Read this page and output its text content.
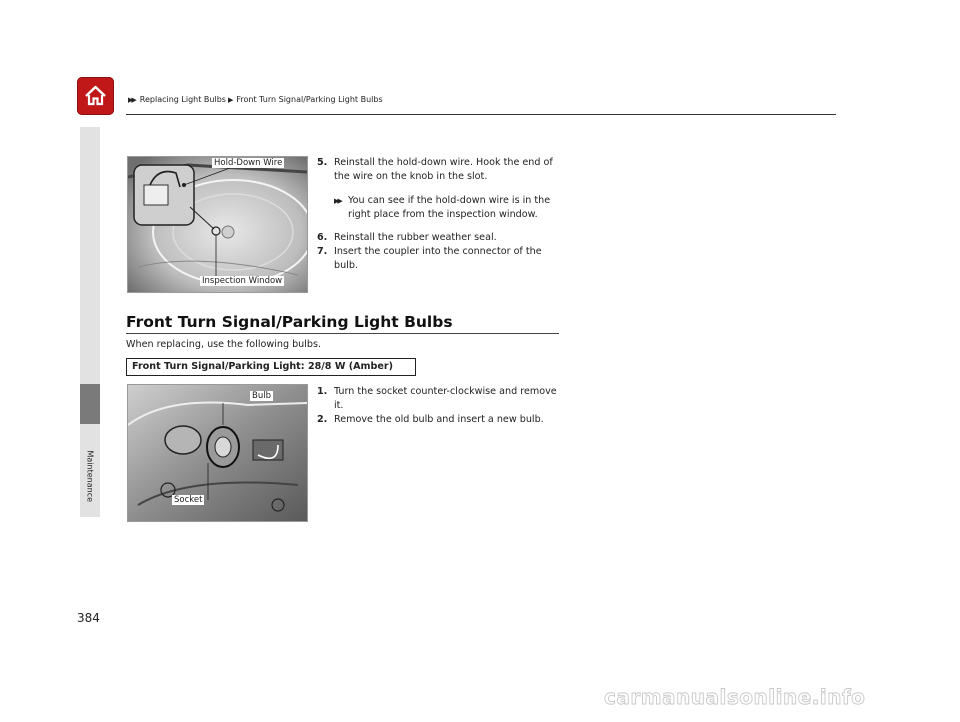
▶▶ Replacing Light Bulbs ▶ Front Turn Signal/Parking Light Bulbs
Maintenance
Hold-Down Wire
Inspection Window

5. Reinstall the hold-down wire. Hook the end of the wire on the knob in the slot.

▶▶ You can see if the hold-down wire is in the right place from the inspection window.

6. Reinstall the rubber weather seal.

7. Insert the coupler into the connector of the bulb.

Front Turn Signal/Parking Light Bulbs
When replacing, use the following bulbs.
Front Turn Signal/Parking Light: 28/8 W (Amber)
Bulb
Socket

1. Turn the socket counter-clockwise and remove it.

2. Remove the old bulb and insert a new bulb.

384
carmanualsonline.info
